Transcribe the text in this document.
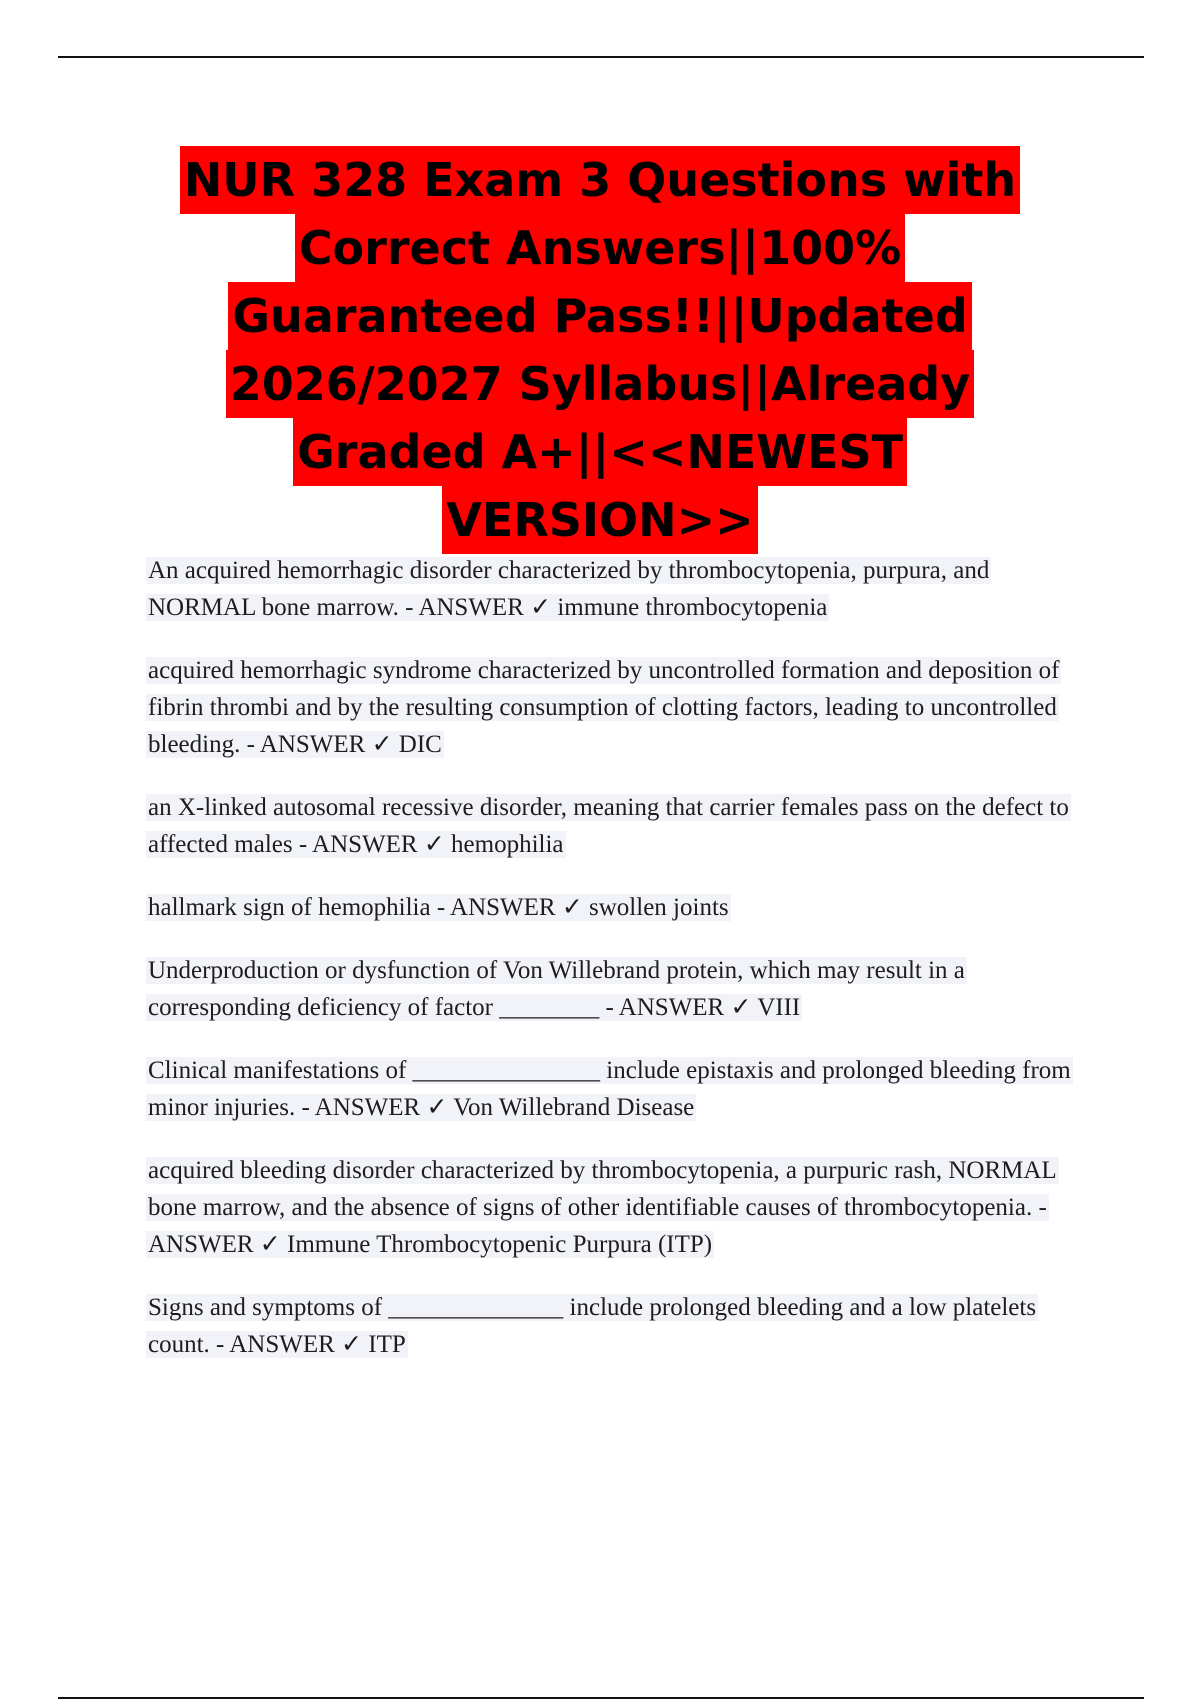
NUR 328 Exam 3 Questions with
Correct Answers||100%
Guaranteed Pass!!||Updated
2026/2027 Syllabus||Already
Graded A+||<<NEWEST
VERSION>>
An acquired hemorrhagic disorder characterized by thrombocytopenia, purpura, and NORMAL bone marrow. - ANSWER ✓ immune thrombocytopenia
acquired hemorrhagic syndrome characterized by uncontrolled formation and deposition of fibrin thrombi and by the resulting consumption of clotting factors, leading to uncontrolled bleeding. - ANSWER ✓ DIC
an X-linked autosomal recessive disorder, meaning that carrier females pass on the defect to affected males - ANSWER ✓ hemophilia
hallmark sign of hemophilia - ANSWER ✓ swollen joints
Underproduction or dysfunction of Von Willebrand protein, which may result in a corresponding deficiency of factor ________ - ANSWER ✓ VIII
Clinical manifestations of _______________ include epistaxis and prolonged bleeding from minor injuries. - ANSWER ✓ Von Willebrand Disease
acquired bleeding disorder characterized by thrombocytopenia, a purpuric rash, NORMAL bone marrow, and the absence of signs of other identifiable causes of thrombocytopenia. - ANSWER ✓ Immune Thrombocytopenic Purpura (ITP)
Signs and symptoms of ______________ include prolonged bleeding and a low platelets count. - ANSWER ✓ ITP
